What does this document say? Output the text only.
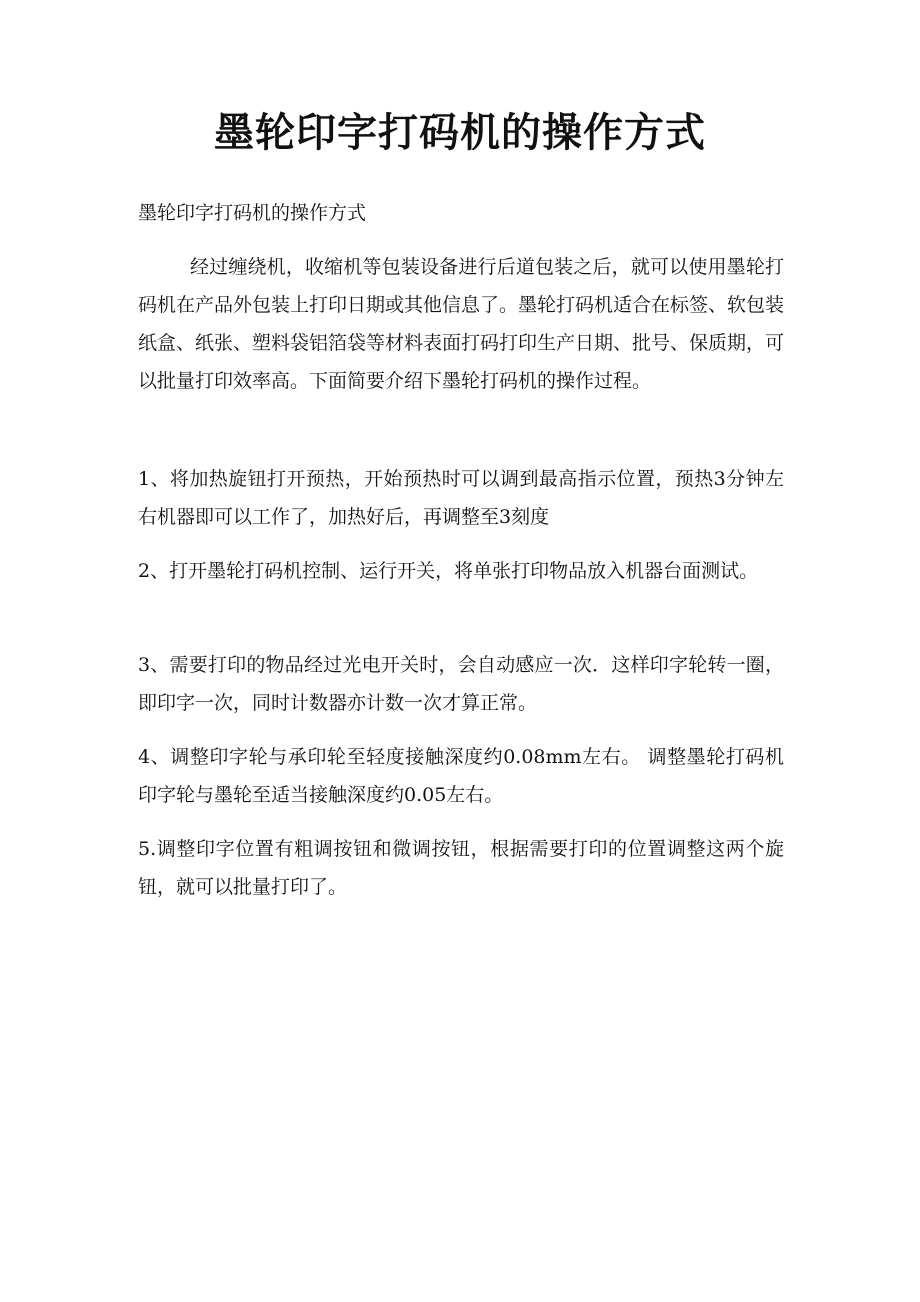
墨轮印字打码机的操作方式

墨轮印字打码机的操作方式

经过缠绕机，收缩机等包装设备进行后道包装之后，就可以使用墨轮打码机在产品外包装上打印日期或其他信息了。墨轮打码机适合在标签、软包装纸盒、纸张、塑料袋铝箔袋等材料表面打码打印生产日期、批号、保质期，可以批量打印效率高。下面简要介绍下墨轮打码机的操作过程。

1、将加热旋钮打开预热，开始预热时可以调到最高指示位置，预热3分钟左右机器即可以工作了，加热好后，再调整至3刻度

2、打开墨轮打码机控制、运行开关，将单张打印物品放入机器台面测试。

3、需要打印的物品经过光电开关时，会自动感应一次．这样印字轮转一圈，即印字一次，同时计数器亦计数一次才算正常。

4、调整印字轮与承印轮至轻度接触深度约0.08mm左右。 调整墨轮打码机印字轮与墨轮至适当接触深度约0.05左右。

5.调整印字位置有粗调按钮和微调按钮，根据需要打印的位置调整这两个旋钮，就可以批量打印了。
